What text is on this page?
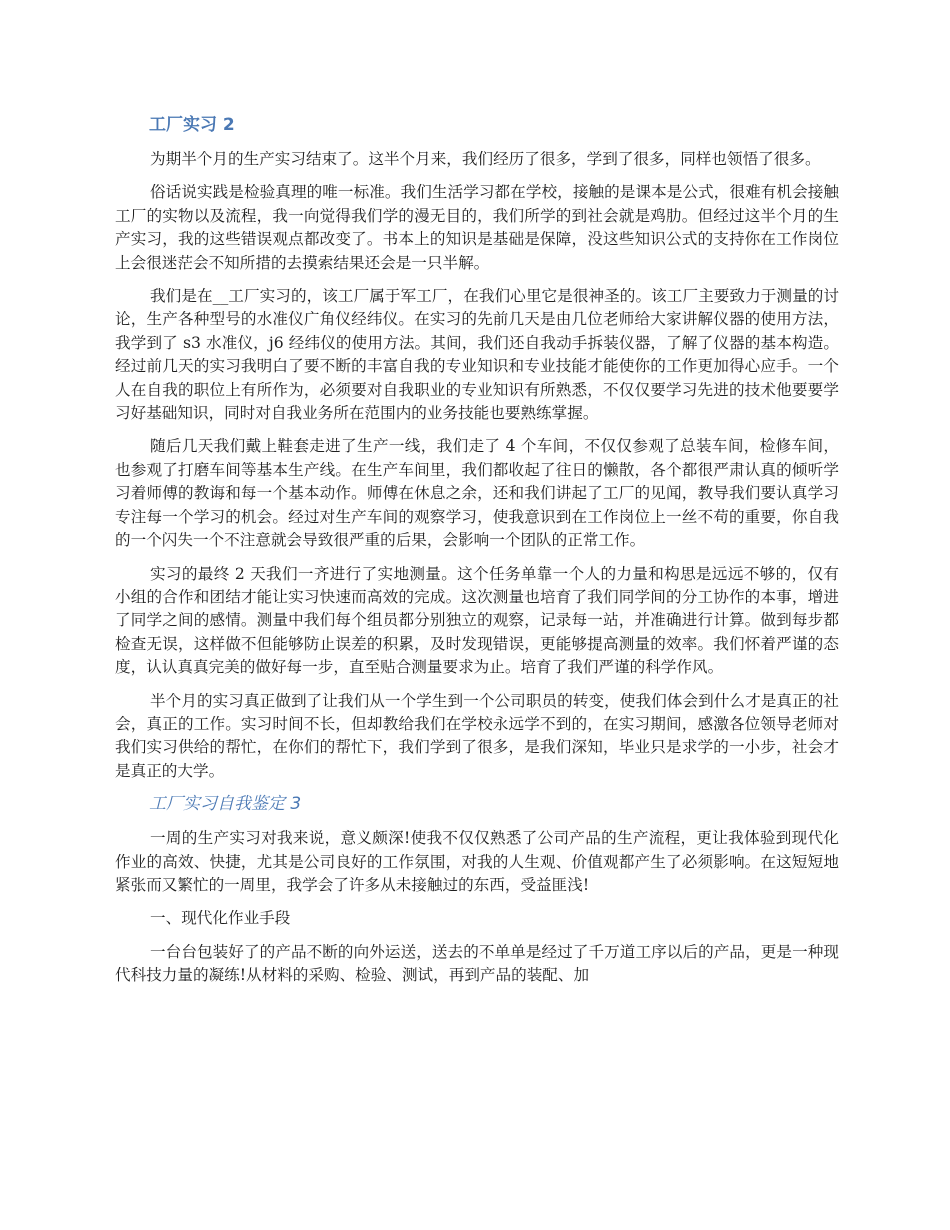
工厂实习 2

为期半个月的生产实习结束了。这半个月来，我们经历了很多，学到了很多，同样也领悟了很多。

俗话说实践是检验真理的唯一标准。我们生活学习都在学校，接触的是课本是公式，很难有机会接触工厂的实物以及流程，我一向觉得我们学的漫无目的，我们所学的到社会就是鸡肋。但经过这半个月的生产实习，我的这些错误观点都改变了。书本上的知识是基础是保障，没这些知识公式的支持你在工作岗位上会很迷茫会不知所措的去摸索结果还会是一只半解。

我们是在__工厂实习的，该工厂属于军工厂，在我们心里它是很神圣的。该工厂主要致力于测量的讨论，生产各种型号的水准仪广角仪经纬仪。在实习的先前几天是由几位老师给大家讲解仪器的使用方法，我学到了 s3 水准仪，j6 经纬仪的使用方法。其间，我们还自我动手拆装仪器，了解了仪器的基本构造。经过前几天的实习我明白了要不断的丰富自我的专业知识和专业技能才能使你的工作更加得心应手。一个人在自我的职位上有所作为，必须要对自我职业的专业知识有所熟悉，不仅仅要学习先进的技术他要要学习好基础知识，同时对自我业务所在范围内的业务技能也要熟练掌握。

随后几天我们戴上鞋套走进了生产一线，我们走了 4 个车间，不仅仅参观了总装车间，检修车间，也参观了打磨车间等基本生产线。在生产车间里，我们都收起了往日的懒散，各个都很严肃认真的倾听学习着师傅的教诲和每一个基本动作。师傅在休息之余，还和我们讲起了工厂的见闻，教导我们要认真学习专注每一个学习的机会。经过对生产车间的观察学习，使我意识到在工作岗位上一丝不苟的重要，你自我的一个闪失一个不注意就会导致很严重的后果，会影响一个团队的正常工作。

实习的最终 2 天我们一齐进行了实地测量。这个任务单靠一个人的力量和构思是远远不够的，仅有小组的合作和团结才能让实习快速而高效的完成。这次测量也培育了我们同学间的分工协作的本事，增进了同学之间的感情。测量中我们每个组员都分别独立的观察，记录每一站，并准确进行计算。做到每步都检查无误，这样做不但能够防止误差的积累，及时发现错误，更能够提高测量的效率。我们怀着严谨的态度，认认真真完美的做好每一步，直至贴合测量要求为止。培育了我们严谨的科学作风。

半个月的实习真正做到了让我们从一个学生到一个公司职员的转变，使我们体会到什么才是真正的社会，真正的工作。实习时间不长，但却教给我们在学校永远学不到的，在实习期间，感激各位领导老师对我们实习供给的帮忙，在你们的帮忙下，我们学到了很多，是我们深知，毕业只是求学的一小步，社会才是真正的大学。

工厂实习自我鉴定 3

一周的生产实习对我来说，意义颇深!使我不仅仅熟悉了公司产品的生产流程，更让我体验到现代化作业的高效、快捷，尤其是公司良好的工作氛围，对我的人生观、价值观都产生了必须影响。在这短短地紧张而又繁忙的一周里，我学会了许多从未接触过的东西，受益匪浅!

一、现代化作业手段

一台台包装好了的产品不断的向外运送，送去的不单单是经过了千万道工序以后的产品，更是一种现代科技力量的凝练!从材料的采购、检验、测试，再到产品的装配、加
